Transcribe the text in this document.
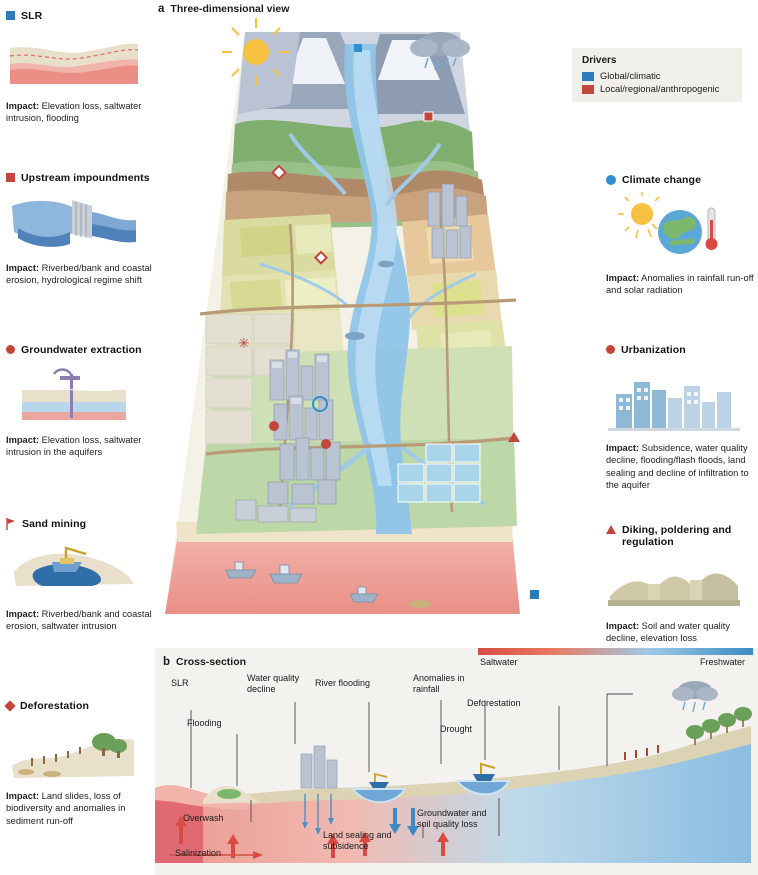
a Three-dimensional view
✳
Drivers
Global/climatic
Local/regional/anthropogenic
SLR
Impact: Elevation loss, saltwater intrusion, flooding
Upstream impoundments
Impact: Riverbed/bank and coastal erosion, hydrological regime shift
Groundwater extraction
Impact: Elevation loss, saltwater intrusion in the aquifers
Sand mining
Impact: Riverbed/bank and coastal erosion, saltwater intrusion
Deforestation
Impact: Land slides, loss of biodiversity and anomalies in sediment run-off
Climate change
Impact: Anomalies in rainfall run-off and solar radiation
Urbanization
Impact: Subsidence, water quality decline, flooding/flash floods, land sealing and decline of infiltration to the aquifer
Diking, poldering and regulation
Impact: Soil and water quality decline, elevation loss
b Cross-section	Saltwater	Freshwater
SLR
Flooding
Water quality decline
River flooding	Anomalies in rainfall
Deforestation
Drought
Overwash
Salinization
Land sealing and subsidence
Groundwater and soil quality loss
